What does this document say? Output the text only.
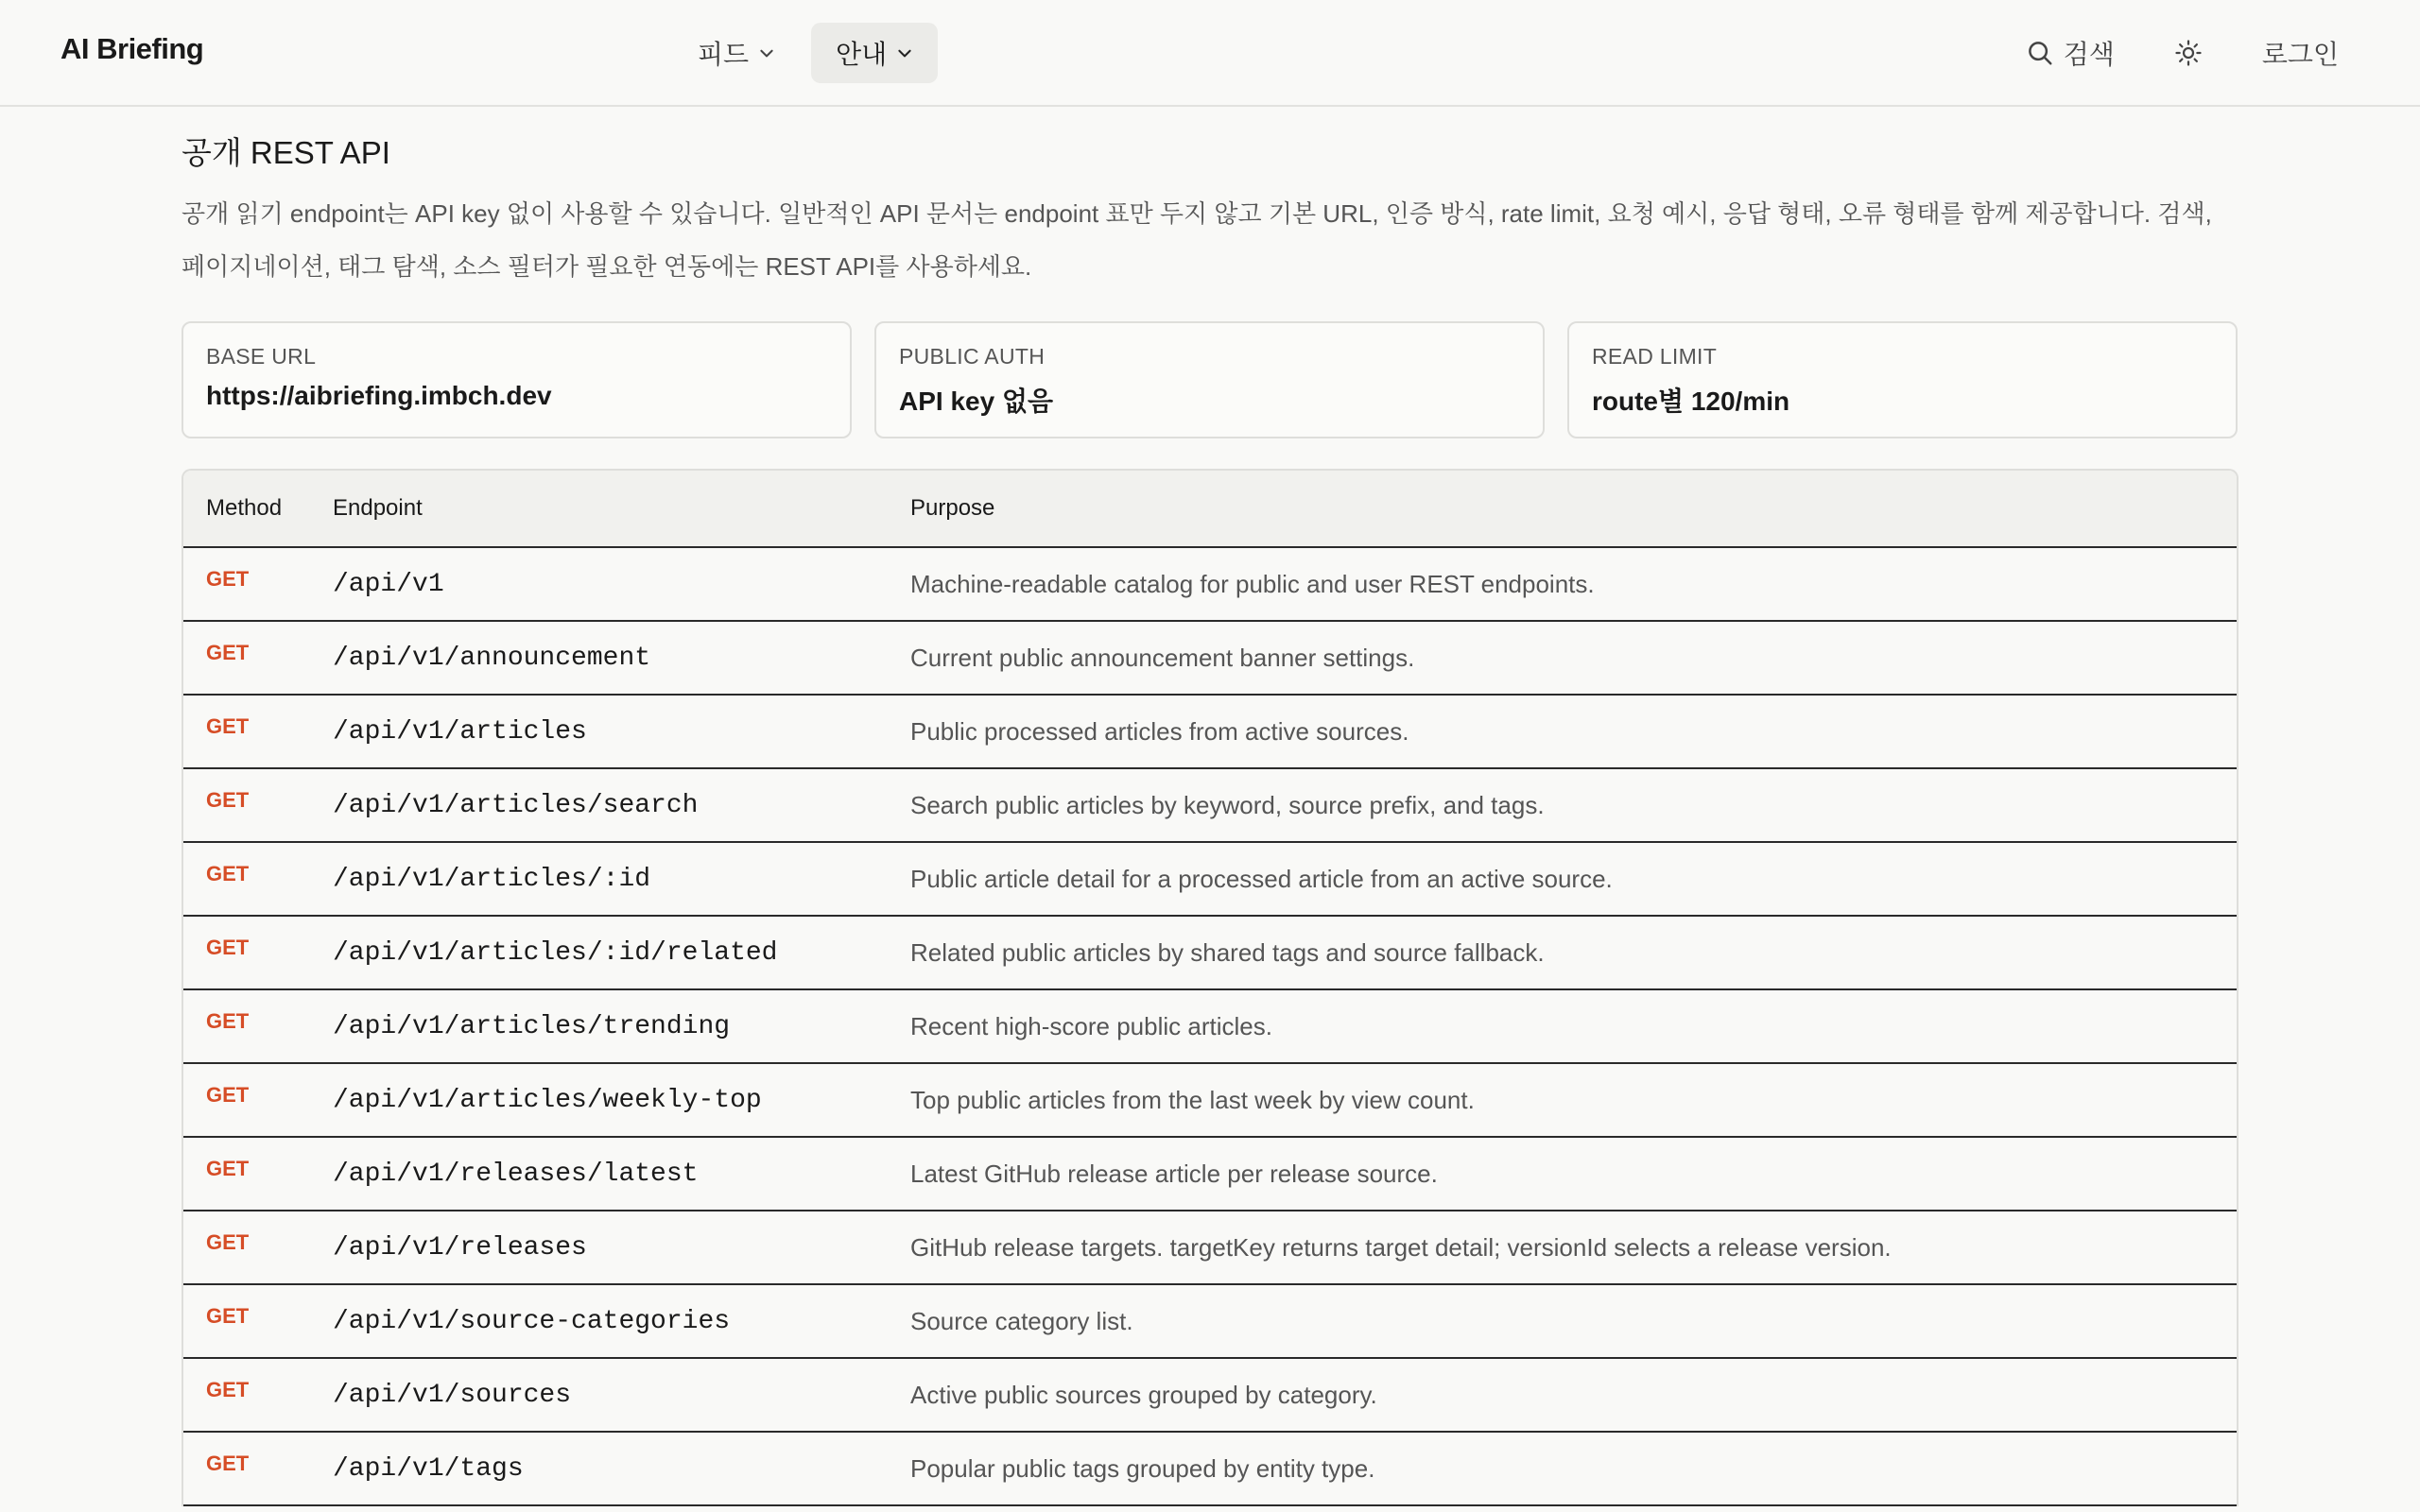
AI Briefing	피드	안내	검색	로그인
공개 REST API

공개 읽기 endpoint는 API key 없이 사용할 수 있습니다. 일반적인 API 문서는 endpoint 표만 두지 않고 기본 URL, 인증 방식, rate limit, 요청 예시, 응답 형태, 오류 형태를 함께 제공합니다. 검색, 페이지네이션, 태그 탐색, 소스 필터가 필요한 연동에는 REST API를 사용하세요.

BASE URL
https://aibriefing.imbch.dev
PUBLIC AUTH
API key 없음
READ LIMIT
route별 120/min
Method	Endpoint	Purpose
GET	/api/v1	Machine-readable catalog for public and user REST endpoints.
GET	/api/v1/announcement	Current public announcement banner settings.
GET	/api/v1/articles	Public processed articles from active sources.
GET	/api/v1/articles/search	Search public articles by keyword, source prefix, and tags.
GET	/api/v1/articles/:id	Public article detail for a processed article from an active source.
GET	/api/v1/articles/:id/related	Related public articles by shared tags and source fallback.
GET	/api/v1/articles/trending	Recent high-score public articles.
GET	/api/v1/articles/weekly-top	Top public articles from the last week by view count.
GET	/api/v1/releases/latest	Latest GitHub release article per release source.
GET	/api/v1/releases	GitHub release targets. targetKey returns target detail; versionId selects a release version.
GET	/api/v1/source-categories	Source category list.
GET	/api/v1/sources	Active public sources grouped by category.
GET	/api/v1/tags	Popular public tags grouped by entity type.
